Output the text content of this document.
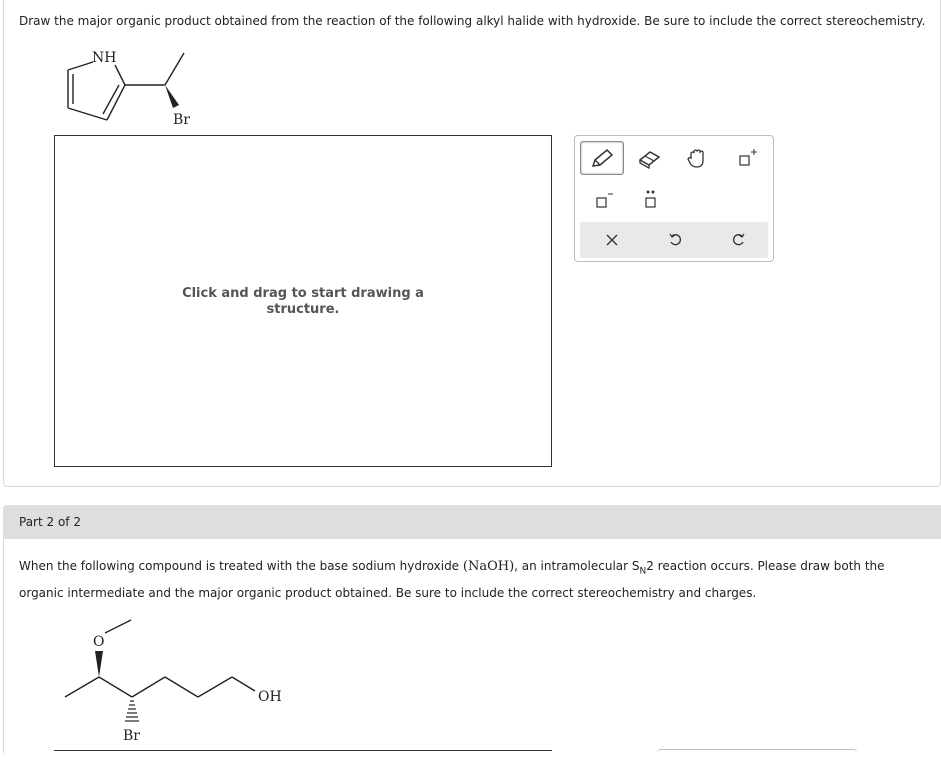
Draw the major organic product obtained from the reaction of the following alkyl halide with hydroxide. Be sure to include the correct stereochemistry.
NH
Br
Click and drag to start drawing a structure.
Part 2 of 2
When the following compound is treated with the base sodium hydroxide (NaOH), an intramolecular $S_N2$ reaction occurs. Please draw both the organic intermediate and the major organic product obtained. Be sure to include the correct stereochemistry and charges.
O
OH
Br
